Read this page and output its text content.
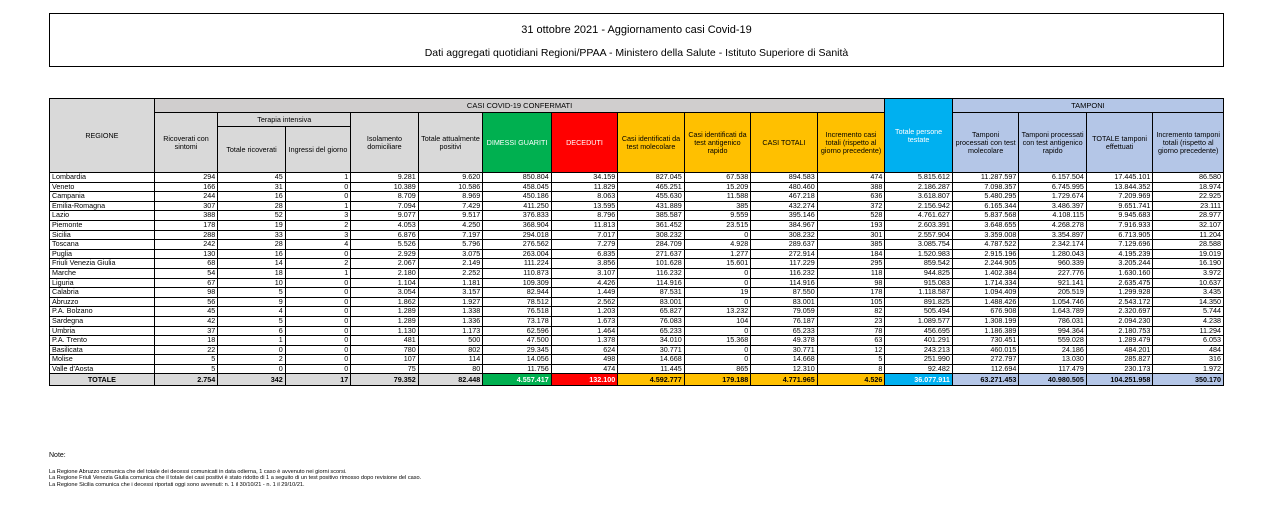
31 ottobre 2021 - Aggiornamento casi Covid-19
Dati aggregati quotidiani Regioni/PPAA - Ministero della Salute - Istituto Superiore di Sanità
REGIONE	CASI COVID-19 CONFERMATI											Totale persone testate	TAMPONI			
	Ricoverati con sintomi	Terapia intensiva		Isolamento domiciliare	Totale attualmente positivi	DIMESSI GUARITI	DECEDUTI	Casi identificati da test molecolare	Casi identificati da test antigenico rapido	CASI TOTALI	Incremento casi totali (rispetto al giorno precedente)		Tamponi processati con test molecolare	Tamponi processati con test antigenico rapido	TOTALE tamponi effettuati	Incremento tamponi totali (rispetto al giorno precedente)
		Totale ricoverati	Ingressi del giorno													
Lombardia	294	45	1	9.281	9.620	850.804	34.159	827.045	67.538	894.583	474	5.815.612	11.287.597	6.157.504	17.445.101	86.580
Veneto	166	31	0	10.389	10.586	458.045	11.829	465.251	15.209	480.460	388	2.186.287	7.098.357	6.745.995	13.844.352	18.974
Campania	244	16	0	8.709	8.969	450.186	8.063	455.630	11.588	467.218	636	3.618.807	5.480.295	1.729.674	7.209.969	22.925
Emilia-Romagna	307	28	1	7.094	7.429	411.250	13.595	431.889	385	432.274	372	2.156.942	6.165.344	3.486.397	9.651.741	23.111
Lazio	388	52	3	9.077	9.517	376.833	8.796	385.587	9.559	395.146	528	4.761.627	5.837.568	4.108.115	9.945.683	28.977
Piemonte	178	19	2	4.053	4.250	368.904	11.813	361.452	23.515	384.967	193	2.603.391	3.648.655	4.268.278	7.916.933	32.107
Sicilia	288	33	3	6.876	7.197	294.018	7.017	308.232	0	308.232	301	2.557.904	3.359.008	3.354.897	6.713.905	11.204
Toscana	242	28	4	5.526	5.796	276.562	7.279	284.709	4.928	289.637	385	3.085.754	4.787.522	2.342.174	7.129.696	28.588
Puglia	130	16	0	2.929	3.075	263.004	6.835	271.637	1.277	272.914	184	1.520.983	2.915.196	1.280.043	4.195.239	19.019
Friuli Venezia Giulia	68	14	2	2.067	2.149	111.224	3.856	101.628	15.601	117.229	295	859.542	2.244.905	960.339	3.205.244	16.190
Marche	54	18	1	2.180	2.252	110.873	3.107	116.232	0	116.232	118	944.825	1.402.384	227.776	1.630.160	3.972
Liguria	67	10	0	1.104	1.181	109.309	4.426	114.916	0	114.916	98	915.083	1.714.334	921.141	2.635.475	10.637
Calabria	98	5	0	3.054	3.157	82.944	1.449	87.531	19	87.550	178	1.118.587	1.094.409	205.519	1.299.928	3.435
Abruzzo	56	9	0	1.862	1.927	78.512	2.562	83.001	0	83.001	105	891.825	1.488.426	1.054.746	2.543.172	14.350
P.A. Bolzano	45	4	0	1.289	1.338	76.518	1.203	65.827	13.232	79.059	82	505.494	676.908	1.643.789	2.320.697	5.744
Sardegna	42	5	0	1.289	1.336	73.178	1.673	76.083	104	76.187	23	1.089.577	1.308.199	786.031	2.094.230	4.238
Umbria	37	6	0	1.130	1.173	62.596	1.464	65.233	0	65.233	78	456.695	1.186.389	994.364	2.180.753	11.294
P.A. Trento	18	1	0	481	500	47.500	1.378	34.010	15.368	49.378	63	401.291	730.451	559.028	1.289.479	6.053
Basilicata	22	0	0	780	802	29.345	624	30.771	0	30.771	12	243.213	460.015	24.186	484.201	484
Molise	5	2	0	107	114	14.056	498	14.668	0	14.668	5	251.990	272.797	13.030	285.827	316
Valle d'Aosta	5	0	0	75	80	11.756	474	11.445	865	12.310	8	92.482	112.694	117.479	230.173	1.972
TOTALE	2.754	342	17	79.352	82.448	4.557.417	132.100	4.592.777	179.188	4.771.965	4.526	36.077.911	63.271.453	40.980.505	104.251.958	350.170
Note:
La Regione Abruzzo comunica che del totale dei decessi comunicati in data odierna, 1 caso è avvenuto nei giorni scorsi.
La Regione Friuli Venezia Giulia comunica che il totale dei casi positivi è stato ridotto di 1 a seguito di un test positivo rimosso dopo revisione del caso.
La Regione Sicilia comunica che i decessi riportati oggi sono avvenuti: n. 1 il 30/10/21 - n. 1 il 29/10/21.
